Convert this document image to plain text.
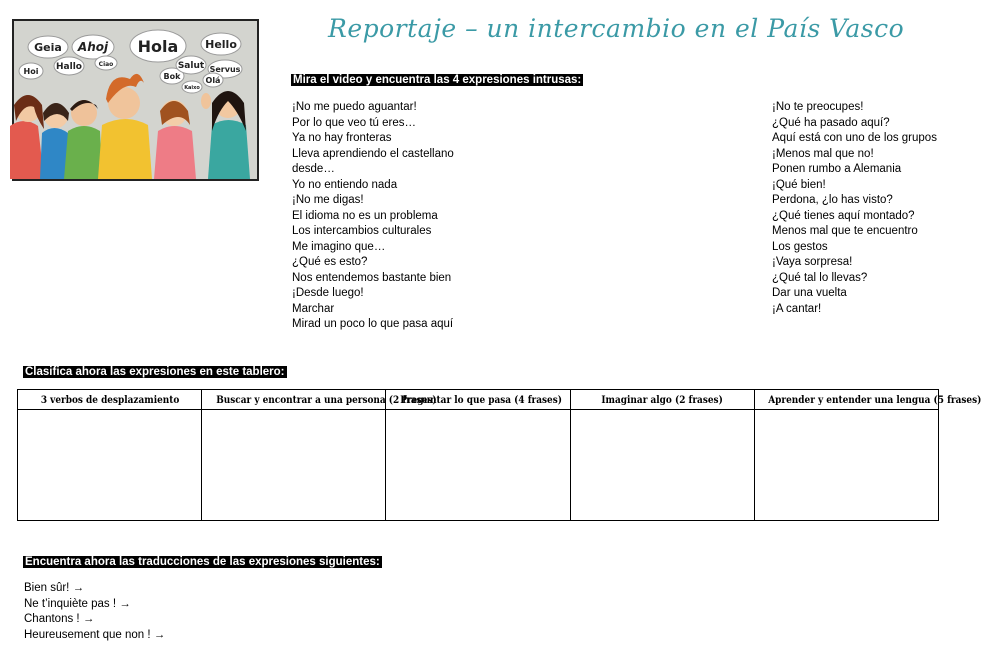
Geia Ahoj Hola Hello
Hoi Hallo	Ciao
Bok
Salut Servus
Kaixo
Olá
Reportaje – un intercambio en el País Vasco
Mira el video y encuentra las 4 expresiones intrusas:
¡No me puedo aguantar!
Por lo que veo tú eres…
Ya no hay fronteras
Lleva aprendiendo el castellano
desde…
Yo no entiendo nada
¡No me digas!
El idioma no es un problema
Los intercambios culturales
Me imagino que…
¿Qué es esto?
Nos entendemos bastante bien
¡Desde luego!
Marchar
Mirad un poco lo que pasa aquí
¡No te preocupes!
¿Qué ha pasado aquí?
Aquí está con uno de los grupos
¡Menos mal que no!
Ponen rumbo a Alemania
¡Qué bien!
Perdona, ¿lo has visto?
¿Qué tienes aquí montado?
Menos mal que te encuentro
Los gestos
¡Vaya sorpresa!
¿Qué tal lo llevas?
Dar una vuelta
¡A cantar!
Clasifica ahora las expresiones en este tablero:
3 verbos de desplazamiento	Buscar y encontrar a una persona (2 frases)	Preguntar lo que pasa (4 frases)	Imaginar algo (2 frases)	Aprender y entender una lengua (5 frases)

Encuentra ahora las traducciones de las expresiones siguientes:
Bien sûr! →
Ne t’inquiète pas ! →
Chantons ! →
Heureusement que non ! →
